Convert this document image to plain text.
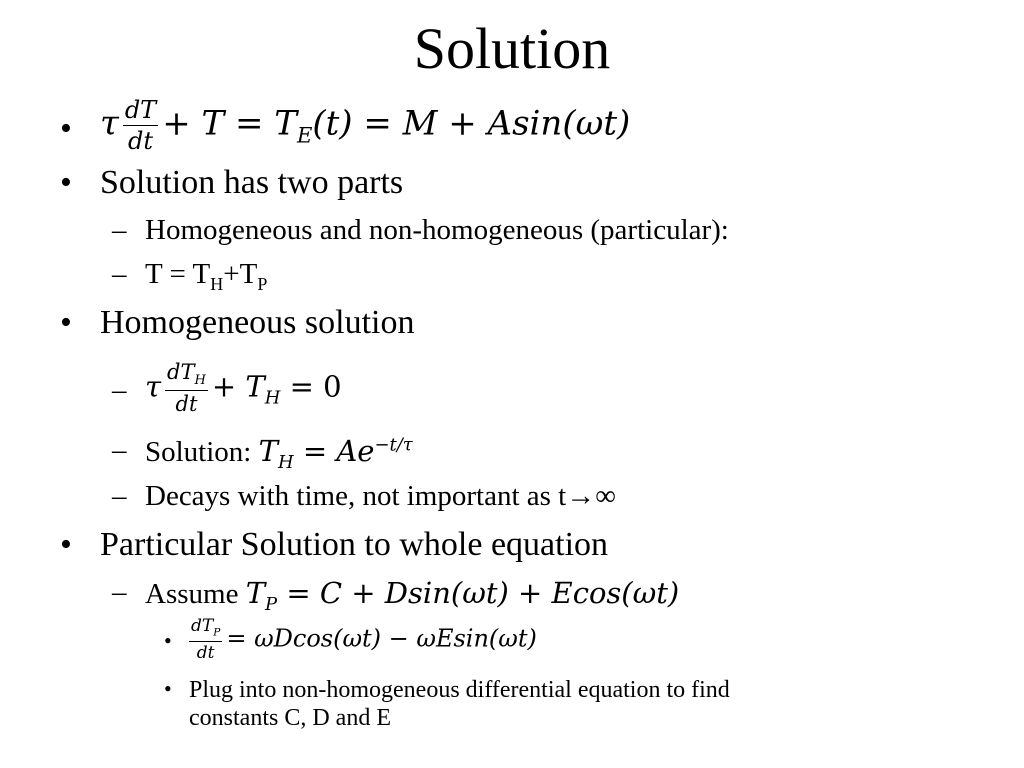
Solution
• τ $\frac{dT}{dt} + T = T_E(t) = M + Asin(\omega t)$
• Solution has two parts
– Homogeneous and non-homogeneous (particular):
– $T = T_H+T_P$
• Homogeneous solution
– τ $\frac{dT_H}{dt} + T_H = 0$
– Solution: $T_H = Ae^{-t/\tau}$
– Decays with time, not important as t→∞
• Particular Solution to whole equation
– Assume $T_P = C + Dsin(\omega t) + Ecos(\omega t)$
• $\frac{dT_P}{dt} = \omega Dcos(\omega t) - \omega Esin(\omega t)$
• Plug into non-homogeneous differential equation to find
constants C, D and E
